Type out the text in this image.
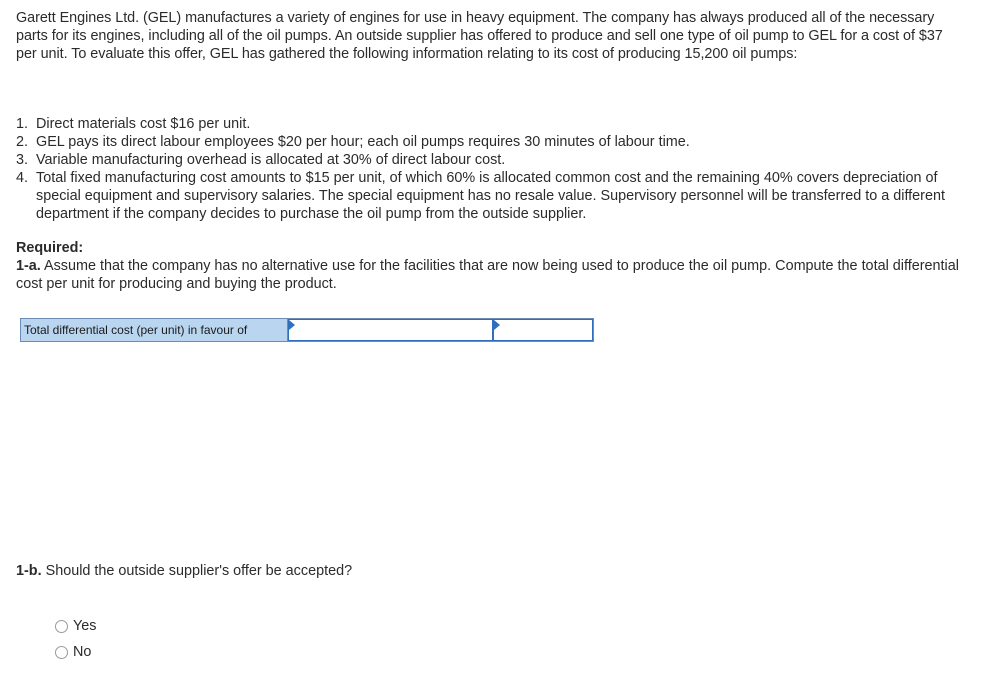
Garett Engines Ltd. (GEL) manufactures a variety of engines for use in heavy equipment. The company has always produced all of the necessary parts for its engines, including all of the oil pumps. An outside supplier has offered to produce and sell one type of oil pump to GEL for a cost of $37 per unit. To evaluate this offer, GEL has gathered the following information relating to its cost of producing 15,200 oil pumps:
1. Direct materials cost $16 per unit.
2. GEL pays its direct labour employees $20 per hour; each oil pumps requires 30 minutes of labour time.
3. Variable manufacturing overhead is allocated at 30% of direct labour cost.
4. Total fixed manufacturing cost amounts to $15 per unit, of which 60% is allocated common cost and the remaining 40% covers depreciation of special equipment and supervisory salaries. The special equipment has no resale value. Supervisory personnel will be transferred to a different department if the company decides to purchase the oil pump from the outside supplier.
Required:
1-a. Assume that the company has no alternative use for the facilities that are now being used to produce the oil pump. Compute the total differential cost per unit for producing and buying the product.
Total differential cost (per unit) in favour of
1-b. Should the outside supplier's offer be accepted?
Yes
No
